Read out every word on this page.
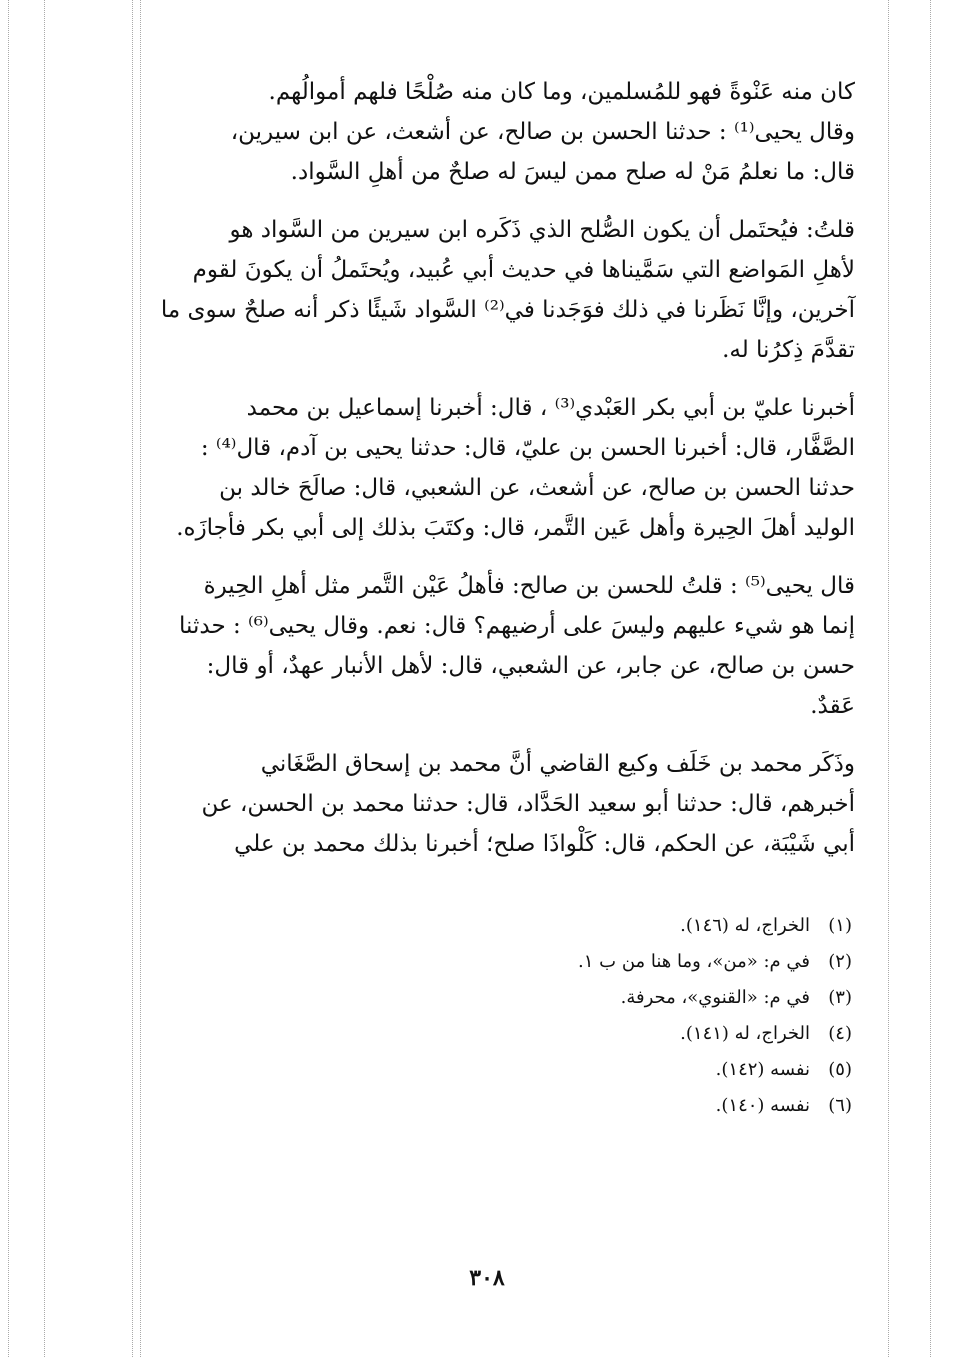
كان منه عَنْوةً فهو للمُسلمين، وما كان منه صُلْحًا فلهم أموالُهم.

وقال يحيى⁽¹⁾ : حدثنا الحسن بن صالح، عن أشعث، عن ابن سيرين،
قال: ما نعلمُ مَنْ له صلح ممن ليسَ له صلحٌ من أهلِ السَّواد.

قلتُ: فيُحتَمل أن يكون الصُّلح الذي ذَكَره ابن سيرين من السَّواد هو
لأهلِ المَواضع التي سَمَّيناها في حديث أبي عُبيد، ويُحتَملُ أن يكونَ لقوم
آخرين، وإنَّا نَظَرنا في ذلك فوَجَدنا في⁽²⁾ السَّواد شَيئًا ذكر أنه صلحٌ سوى ما
تقدَّمَ ذِكرُنا له.

أخبرنا عليّ بن أبي بكر العَبْدي⁽³⁾ ، قال: أخبرنا إسماعيل بن محمد
الصَّفَّار، قال: أخبرنا الحسن بن عليّ، قال: حدثنا يحيى بن آدم، قال⁽⁴⁾ :
حدثنا الحسن بن صالح، عن أشعث، عن الشعبي، قال: صالَحَ خالد بن
الوليد أهلَ الحِيرة وأهل عَين التَّمر، قال: وكتَبَ بذلك إلى أبي بكر فأجازَه.

قال يحيى⁽⁵⁾ : قلتُ للحسن بن صالح: فأهلُ عَيْن التَّمر مثل أهلِ الحِيرة
إنما هو شيء عليهم وليسَ على أرضيهم؟ قال: نعم. وقال يحيى⁽⁶⁾ : حدثنا
حسن بن صالح، عن جابر، عن الشعبي، قال: لأهل الأنبار عهدٌ، أو قال:
عَقدٌ.

وذَكَر محمد بن خَلَف وكيع القاضي أنَّ محمد بن إسحاق الصَّغَاني
أخبرهم، قال: حدثنا أبو سعيد الحَدَّاد، قال: حدثنا محمد بن الحسن، عن
أبي شَيْبَة، عن الحكم، قال: كَلْواذَا صلح؛ أخبرنا بذلك محمد بن علي

(١)
الخراج، له (١٤٦).
(٢)
في م: «من»، وما هنا من ب ١.
(٣)
في م: «القنوي»، محرفة.
(٤)
الخراج، له (١٤١).
(٥)
نفسه (١٤٢).
(٦)
نفسه (١٤٠).
٣٠٨
